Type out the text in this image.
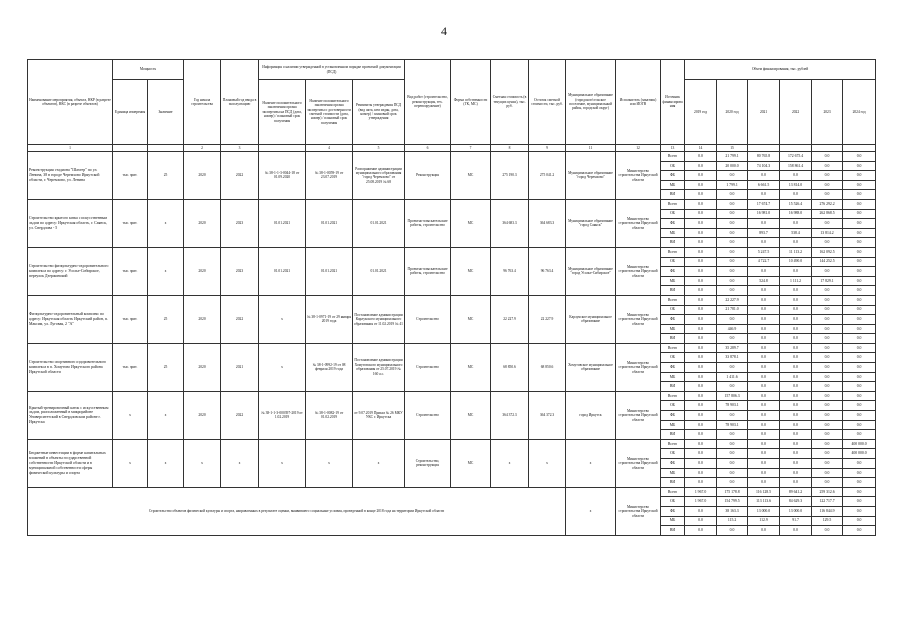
4
Наименование мероприятия, объекта, НКР (в разрезе объектов), ВКС (в разрезе объектов)	Мощность		Год начала строительства	Плановый год ввода в эксплуатацию	Информация о наличии утвержденной в установленном порядке проектной документации (ПСД)			Вид работ (строительство, реконструкция, тех. перевооружение)	Форма собственности (ГК, МС)	Сметная стоимость (в текущих ценах), тыс. руб.	Остаток сметной стоимости, тыс. руб.	Муниципальное образование (городское/сельское поселение, муниципальный район, городской округ)	Исполнитель (заказчик) или ИОГВ	Источник финансирования	Объем финансирования, тыс. рублей					
	Единица измерения	Значение			Наличие положительного заключения органа экспертизы на ПСД (дата, номер) / плановый срок получения	Наличие положительного заключения органа экспертизы о достоверности сметной стоимости (дата, номер) / плановый срок получения	Реквизиты утверждения ПСД (вид акта, кем издан, дата, номер) / плановый срок утверждения								2019 год	2020 год	2021	2022	2023	2024 год
1			2	3		4	5	6	7	8	9	11	12	13	14	15				
Реконструкция стадиона "Шахтер" по ул. Ленина, 38 в городе Черемхово Иркутской области, г. Черемхово, ул. Ленина	тыс. зрит.	25	2020	2022	№ 38-1-1-3-0044-18 от 01.09.2020	№ 38-1-0059-19 от 23.07.2019	Распоряжение администрации муниципального образования "город Черемхово" от 25.08.2019 № 68	Реконструкция	МС	275 190.3	275 041.2	Муниципальное образование "город Черемхово"	Министерство строительства Иркутской области	Всего	0.0	21 799.1	80 765.8	172 675.4	0.0	0.0
														ОБ	0.0	20 000.0	74 104.3	158 861.4	0.0	0.0
														ФБ	0.0	0.0	0.0	0.0	0.0	0.0
														МБ	0.0	1 799.1	6 661.5	13 814.0	0.0	0.0
														ВИ	0.0	0.0	0.0	0.0	0.0	0.0
Строительство крытого катка с искусственным льдом по адресу: Иркутская область, г. Саянск, ул. Свердлова - 5	тыс. зрит.	x	2020	2023	01.01.2021	01.01.2021	01.01.2021	Проектно-изыскательские работы, строительство	МС	364 683.3	364 683.3	Муниципальное образование "город Саянск"	Министерство строительства Иркутской области	Всего	0.0	0.0	17 674.7	15 526.4	276 292.2	0.0
														ОБ	0.0	0.0	16 981.0	16 988.0	262 868.5	0.0
														ФБ	0.0	0.0	0.0	0.0	0.0	0.0
														МБ	0.0	0.0	893.7	538.4	13 814.2	0.0
														ВИ	0.0	0.0	0.0	0.0	0.0	0.0
Строительство физкультурно-оздоровительного комплекса по адресу: г. Усолье-Сибирское, переулок Дзержинский	тыс. зрит.	x	2020	2023	01.01.2021	01.01.2021	01.01.2021	Проектно-изыскательские работы, строительство	МС	96 763.4	96 763.4	Муниципальное образование "город Усолье-Сибирское"	Министерство строительства Иркутской области	Всего	0.0	0.0	5 247.5	11 113.2	162 092.5	0.0
														ОБ	0.0	0.0	4 722.7	10 490.0	144 252.5	0.0
														ФБ	0.0	0.0	0.0	0.0	0.0	0.0
														МБ	0.0	0.0	524.8	1 111.2	17 829.1	0.0
														ВИ	0.0	0.0	0.0	0.0	0.0	0.0
Физкультурно-оздоровительный комплекс по адресу: Иркутская область Иркутский район, п. Максим, ул. Луговая, 2 "А"	тыс. зрит.	25	2020	2022	x	№ 38-1-0971-19 от 29 января 2019 года	Постановление администрации Карлукского муниципального образования от 11.02.2019 № 41	Строительство	МС	22 227.9	22 227.9	Карлукское муниципальное образование	Министерство строительства Иркутской области	Всего	0.0	22 227.9	0.0	0.0	0.0	0.0
														ОБ	0.0	21 781.0	0.0	0.0	0.0	0.0
														ФБ	0.0	0.0	0.0	0.0	0.0	0.0
														МБ	0.0	446.9	0.0	0.0	0.0	0.0
														ВИ	0.0	0.0	0.0	0.0	0.0	0.0
Строительство спортивного оздоровительного комплекса в п. Хомутово Иркутского района Иркутской области	тыс. зрит.	25	2020	2021	x	№ 38-1-0992-19 от 08 февраля 2019 года	Постановление администрации Хомутовского муниципального образования от 25.07.2019 № 160 а.с.	Строительство	МС	68 850.6	68 850.6	Хомутовское муниципальное образование	Министерство строительства Иркутской области	Всего	0.0	35 289.7	0.0	0.0	0.0	0.0
														ОБ	0.0	33 878.1	0.0	0.0	0.0	0.0
														ФБ	0.0	0.0	0.0	0.0	0.0	0.0
														МБ	0.0	1 411.6	0.0	0.0	0.0	0.0
														ВИ	0.0	0.0	0.0	0.0	0.0	0.0
Крытый тренировочный каток с искусственным льдом, расположенный в микрорайоне Университетский в Свердловском районе г. Иркутска	x	x	2020	2022	№ 38-1-1-3-000397-2019 от 1.02.2019	№ 38-1-0082-19 от 01.02.2019	от 9.07.2019 Приказ № 26 МКУ УКС г. Иркутска	Строительство	МС	364 372.3	364 372.3	город Иркутск	Министерство строительства Иркутской области	Всего	0.0	157 806.3	0.0	0.0	0.0	0.0
														ОБ	0.0	78 903.1	0.0	0.0	0.0	0.0
														ФБ	0.0	0.0	0.0	0.0	0.0	0.0
														МБ	0.0	78 903.1	0.0	0.0	0.0	0.0
														ВИ	0.0	0.0	0.0	0.0	0.0	0.0
Бюджетные инвестиции в форме капитальных вложений в объекты государственной собственности Иркутской области и в муниципальной собственности сферы физической культуры и спорта	x	x	x	x	x	x	x	Строительство, реконструкция	МС	x	x	x	Министерство строительства Иркутской области	Всего	0.0	0.0	0.0	0.0	0.0	400 000.0
														ОБ	0.0	0.0	0.0	0.0	0.0	400 000.0
														ФБ	0.0	0.0	0.0	0.0	0.0	0.0
														МБ	0.0	0.0	0.0	0.0	0.0	0.0
														ВИ	0.0	0.0	0.0	0.0	0.0	0.0
Строительство объектов физической культуры и спорта, направленных в результате оценки, выявившего социальные условия, проведенной в конце 2018 года на территории Иркутской области												x	Министерство строительства Иркутской области	Всего	1 967.0	175 178.8	116 128.5	89 641.2	259 312.6	0.0
														ОБ	1 967.0	154 799.5	113 113.6	84 629.3	122 717.7	0.0
														ФБ	0.0	38 163.3	13 000.0	13 000.0	116 844.9	0.0
														МБ	0.0	115.2	112.9	91.7	129.5	0.0
														ВИ	0.0	0.0	0.0	0.0	0.0	0.0
